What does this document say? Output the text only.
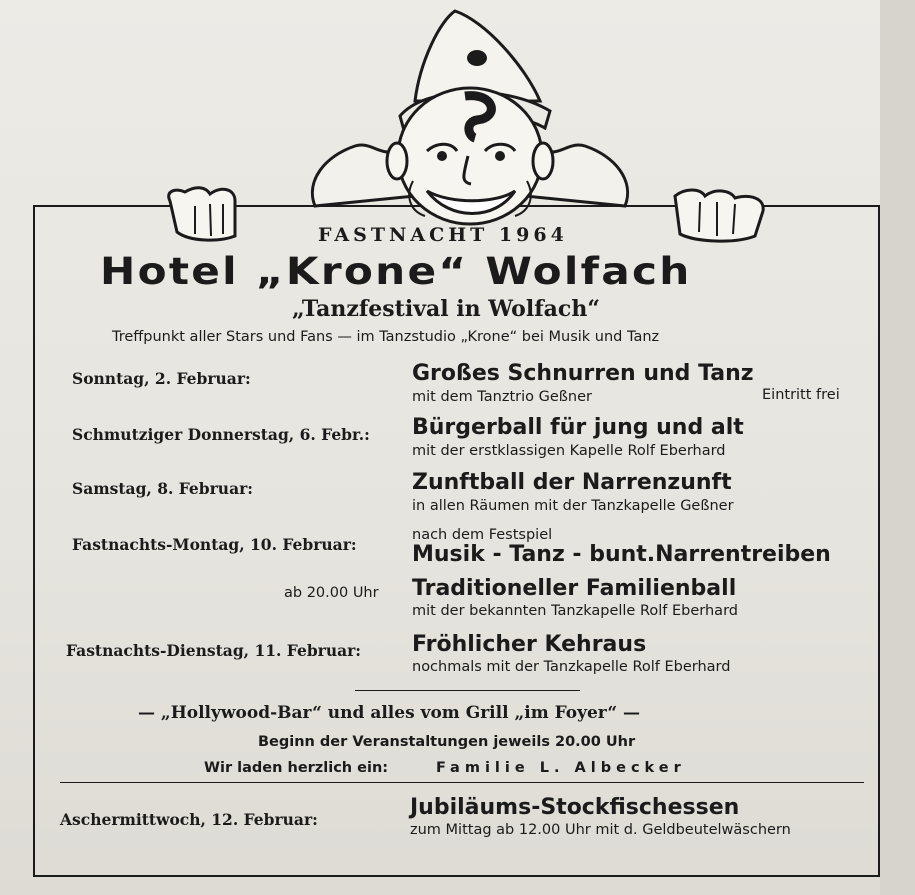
FASTNACHT 1964
Hotel „Krone“ Wolfach
„Tanzfestival in Wolfach“
Treffpunkt aller Stars und Fans — im Tanzstudio „Krone“ bei Musik und Tanz
Sonntag, 2. Februar:	Großes Schnurren und Tanz
mit dem Tanztrio Geßner	Eintritt frei
Schmutziger Donnerstag, 6. Febr.: Bürgerball für jung und alt
mit der erstklassigen Kapelle Rolf Eberhard
Samstag, 8. Februar:	Zunftball der Narrenzunft
in allen Räumen mit der Tanzkapelle Geßner
Fastnachts-Montag, 10. Februar:	nach dem Festspiel
Musik - Tanz - bunt.Narrentreiben
ab 20.00 Uhr Traditioneller Familienball
mit der bekannten Tanzkapelle Rolf Eberhard
Fastnachts-Dienstag, 11. Februar: Fröhlicher Kehraus
nochmals mit der Tanzkapelle Rolf Eberhard
— „Hollywood-Bar“ und alles vom Grill „im Foyer“ —
Beginn der Veranstaltungen jeweils 20.00 Uhr
Wir laden herzlich ein:	Familie L. Albecker
Aschermittwoch, 12. Februar:	Jubiläums-Stockfischessen
zum Mittag ab 12.00 Uhr mit d. Geldbeutelwäschern
